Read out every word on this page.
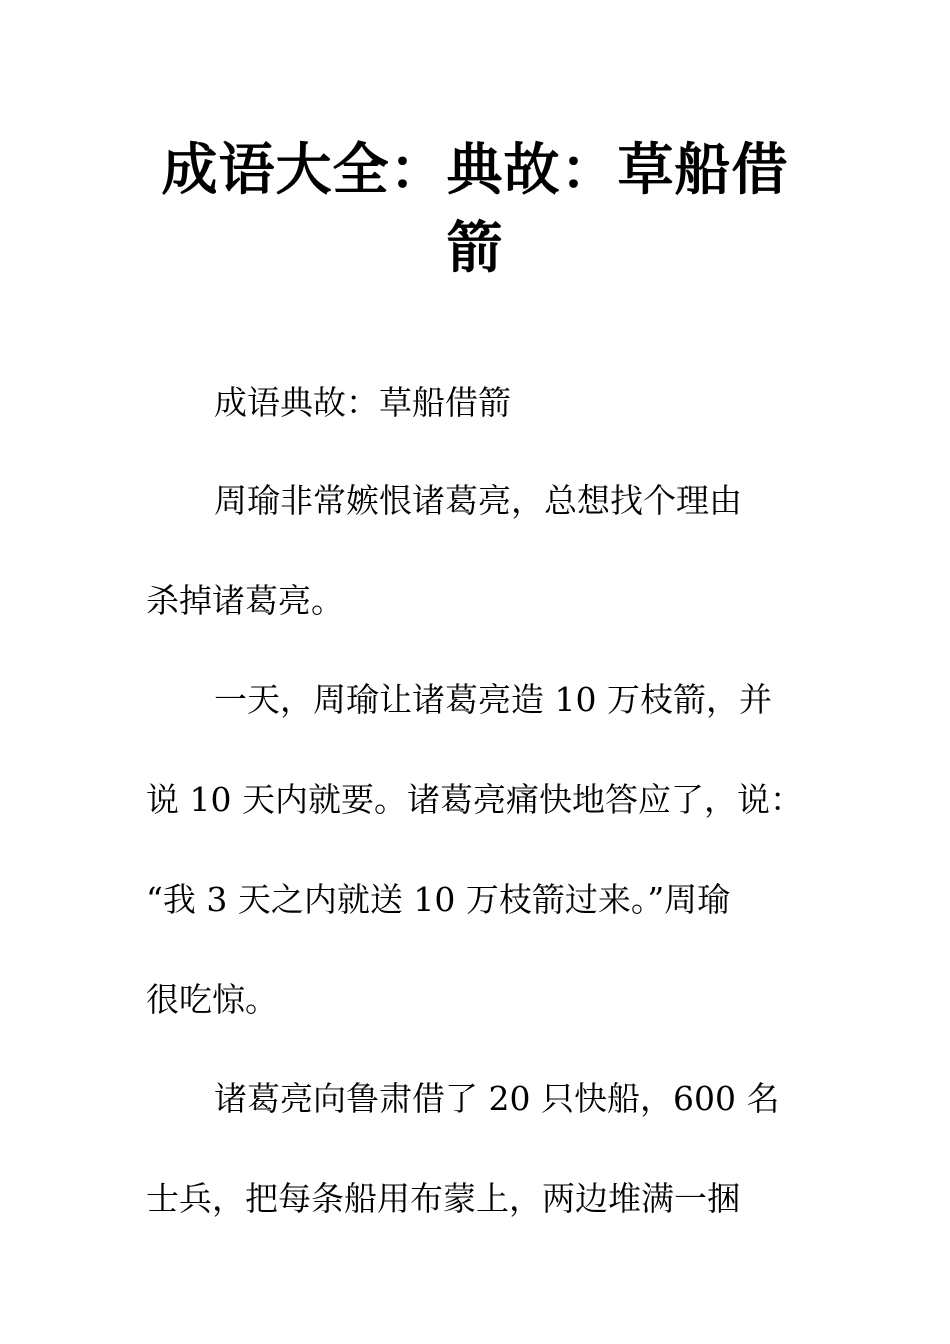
成语大全：典故：草船借箭

成语典故：草船借箭

周瑜非常嫉恨诸葛亮，总想找个理由

杀掉诸葛亮。

一天，周瑜让诸葛亮造 10 万枝箭，并

说 10 天内就要。诸葛亮痛快地答应了，说：

“我 3 天之内就送 10 万枝箭过来。”周瑜

很吃惊。

诸葛亮向鲁肃借了 20 只快船，600 名

士兵，把每条船用布蒙上，两边堆满一捆
